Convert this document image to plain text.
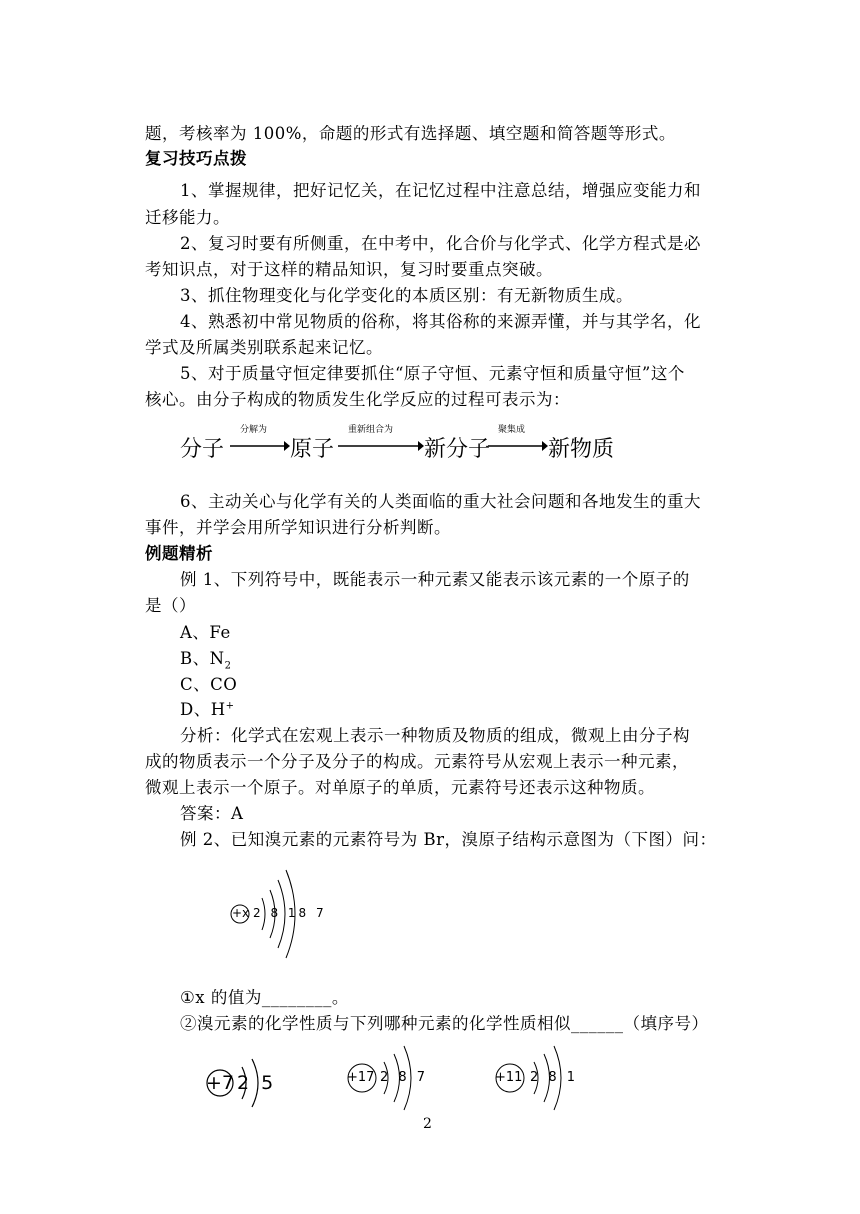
题，考核率为 100%，命题的形式有选择题、填空题和简答题等形式。
复习技巧点拨
1、掌握规律，把好记忆关，在记忆过程中注意总结，增强应变能力和
迁移能力。
2、复习时要有所侧重，在中考中，化合价与化学式、化学方程式是必
考知识点，对于这样的精品知识，复习时要重点突破。
3、抓住物理变化与化学变化的本质区别：有无新物质生成。
4、熟悉初中常见物质的俗称，将其俗称的来源弄懂，并与其学名，化
学式及所属类别联系起来记忆。
5、对于质量守恒定律要抓住“原子守恒、元素守恒和质量守恒”这个
核心。由分子构成的物质发生化学反应的过程可表示为：
分子
分解为
原子
重新组合为
新分子
聚集成
新物质
6、主动关心与化学有关的人类面临的重大社会问题和各地发生的重大
事件，并学会用所学知识进行分析判断。
例题精析
例 1、下列符号中，既能表示一种元素又能表示该元素的一个原子的
是（）
A、Fe
B、$N_2$
C、CO
D、H+
分析：化学式在宏观上表示一种物质及物质的组成，微观上由分子构
成的物质表示一个分子及分子的构成。元素符号从宏观上表示一种元素，
微观上表示一个原子。对单原子的单质，元素符号还表示这种物质。
答案：A
例 2、已知溴元素的元素符号为 Br，溴原子结构示意图为（下图）问：
+x 2 8 18 7
①x 的值为________。
②溴元素的化学性质与下列哪种元素的化学性质相似______（填序号）
+7 2 5	+17 2 8 7	+11 2 8 1
2
